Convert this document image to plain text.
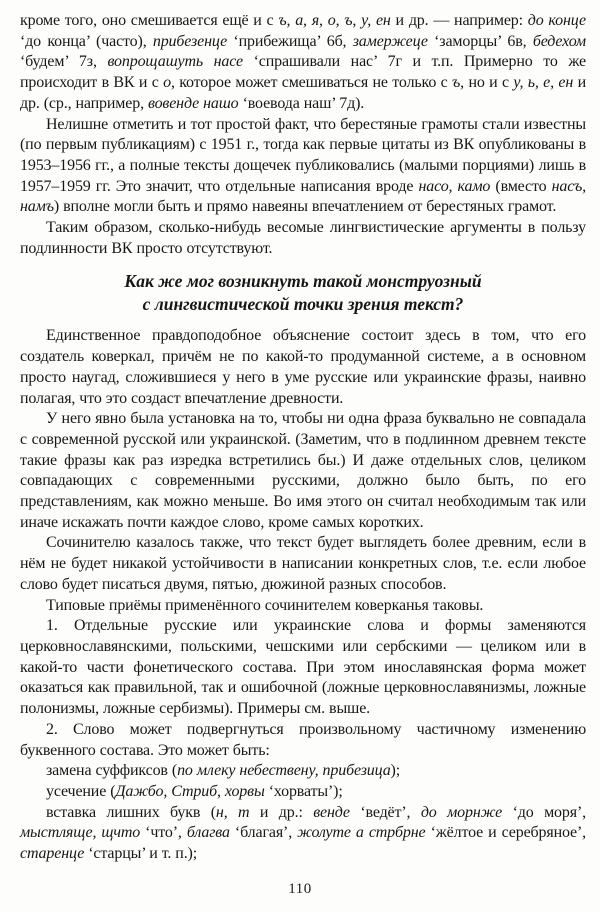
кроме того, оно смешивается ещё и с ъ, а, я, о, ъ, у, ен и др. — например: до конце ‘до конца’ (часто), прибезенце ‘прибежища’ 6б, замержеце ‘заморцы’ 6в, бедехом ‘будем’ 7з, вопрощашуть насе ‘спрашивали нас’ 7г и т.п. Примерно то же происходит в ВК и с о, которое может смешиваться не только с ъ, но и с у, ь, е, ен и др. (ср., например, вовенде нашо ‘воевода наш’ 7д).

Нелишне отметить и тот простой факт, что берестяные грамоты стали известны (по первым публикациям) с 1951 г., тогда как первые цитаты из ВК опубликованы в 1953–1956 гг., а полные тексты дощечек публиковались (малыми порциями) лишь в 1957–1959 гг. Это значит, что отдельные написания вроде насо, камо (вместо насъ, намъ) вполне могли быть и прямо навеяны впечатлением от берестяных грамот.

Таким образом, сколько-нибудь весомые лингвистические аргументы в пользу подлинности ВК просто отсутствуют.

Как же мог возникнуть такой монструозный
с лингвистической точки зрения текст?

Единственное правдоподобное объяснение состоит здесь в том, что его создатель коверкал, причём не по какой-то продуманной системе, а в основном просто наугад, сложившиеся у него в уме русские или украинские фразы, наивно полагая, что это создаст впечатление древности.

У него явно была установка на то, чтобы ни одна фраза буквально не совпадала с современной русской или украинской. (Заметим, что в подлинном древнем тексте такие фразы как раз изредка встретились бы.) И даже отдельных слов, целиком совпадающих с современными русскими, должно было быть, по его представлениям, как можно меньше. Во имя этого он считал необходимым так или иначе искажать почти каждое слово, кроме самых коротких.

Сочинителю казалось также, что текст будет выглядеть более древним, если в нём не будет никакой устойчивости в написании конкретных слов, т.е. если любое слово будет писаться двумя, пятью, дюжиной разных способов.

Типовые приёмы применённого сочинителем коверканья таковы.

1. Отдельные русские или украинские слова и формы заменяются церковнославянскими, польскими, чешскими или сербскими — целиком или в какой-то части фонетического состава. При этом инославянская форма может оказаться как правильной, так и ошибочной (ложные церковнославянизмы, ложные полонизмы, ложные сербизмы). Примеры см. выше.

2. Слово может подвергнуться произвольному частичному изменению буквенного состава. Это может быть:

замена суффиксов (по млеку небествену, прибезица);

усечение (Дажбо, Стриб, хорвы ‘хорваты’);

вставка лишних букв (н, т и др.: венде ‘ведёт’, до морнже ‘до моря’, мыстляще, щчто ‘что’, благва ‘благая’, жолуте а стрбрне ‘жёлтое и серебряное’, старенце ‘старцы’ и т. п.);

110
